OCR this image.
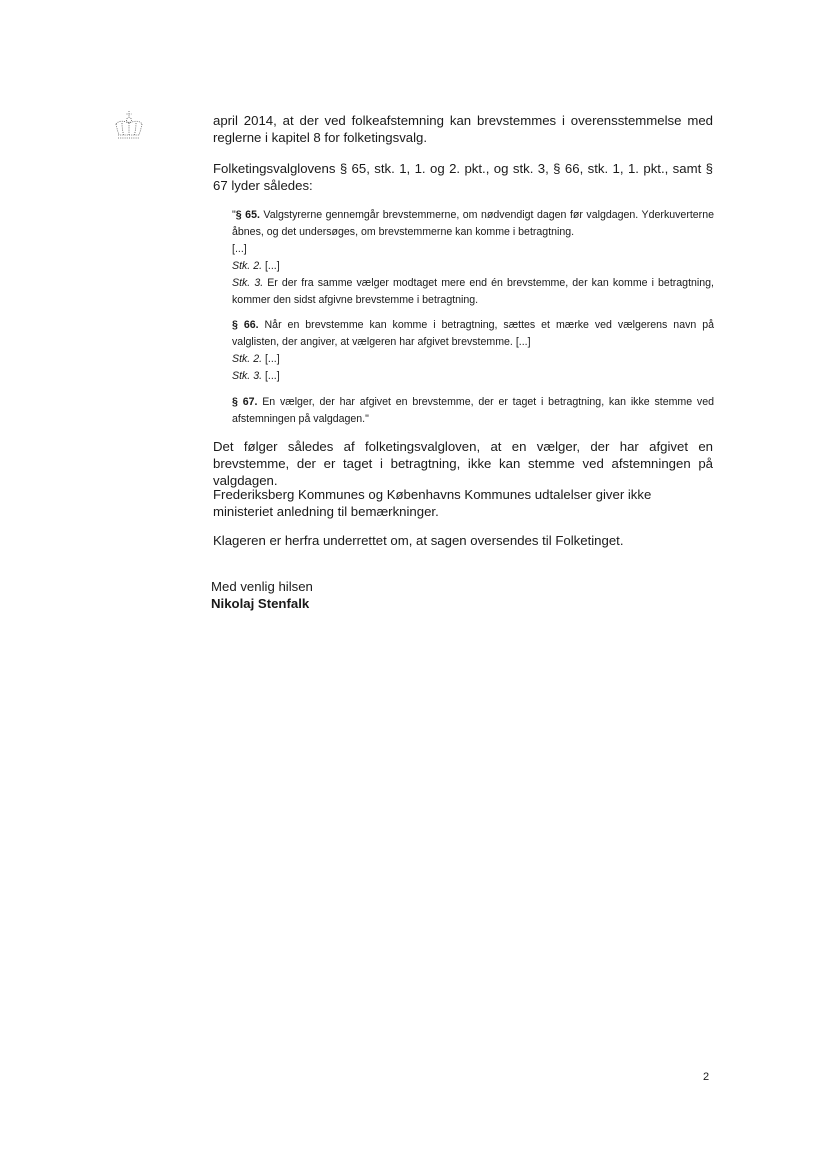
april 2014, at der ved folkeafstemning kan brevstemmes i overensstemmelse med reglerne i kapitel 8 for folketingsvalg.
Folketingsvalglovens § 65, stk. 1, 1. og 2. pkt., og stk. 3, § 66, stk. 1, 1. pkt., samt § 67 lyder således:
"§ 65. Valgstyrerne gennemgår brevstemmerne, om nødvendigt dagen før valgdagen. Yderkuverterne åbnes, og det undersøges, om brevstemmerne kan komme i betragtning.
[...]
Stk. 2. [...]
Stk. 3. Er der fra samme vælger modtaget mere end én brevstemme, der kan komme i betragtning, kommer den sidst afgivne brevstemme i betragtning.
§ 66. Når en brevstemme kan komme i betragtning, sættes et mærke ved vælgerens navn på valglisten, der angiver, at vælgeren har afgivet brevstemme. [...]
Stk. 2. [...]
Stk. 3. [...]
§ 67. En vælger, der har afgivet en brevstemme, der er taget i betragtning, kan ikke stemme ved afstemningen på valgdagen."
Det følger således af folketingsvalgloven, at en vælger, der har afgivet en brevstemme, der er taget i betragtning, ikke kan stemme ved afstemningen på valgdagen.
Frederiksberg Kommunes og Københavns Kommunes udtalelser giver ikke ministeriet anledning til bemærkninger.
Klageren er herfra underrettet om, at sagen oversendes til Folketinget.
Med venlig hilsen
Nikolaj Stenfalk
2
